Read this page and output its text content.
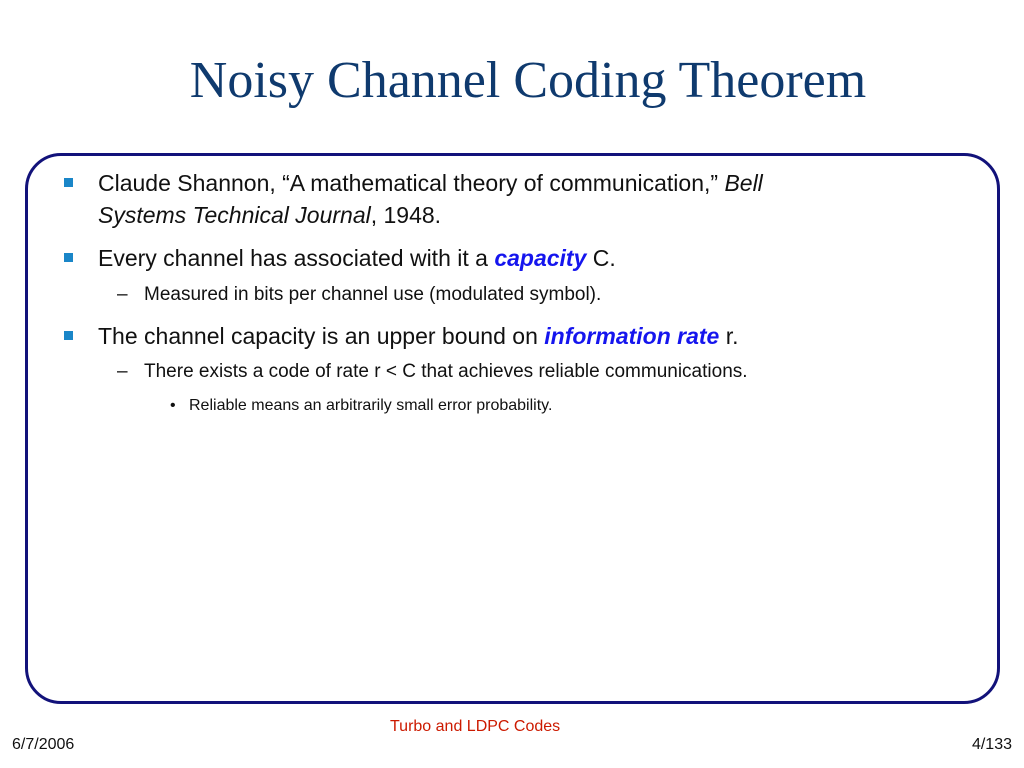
Noisy Channel Coding Theorem
Claude Shannon, “A mathematical theory of communication,” Bell
Systems Technical Journal, 1948.
Every channel has associated with it a capacity C.
– Measured in bits per channel use (modulated symbol).
The channel capacity is an upper bound on information rate r.
– There exists a code of rate r < C that achieves reliable communications.
• Reliable means an arbitrarily small error probability.
Turbo and LDPC Codes
6/7/2006	4/133
